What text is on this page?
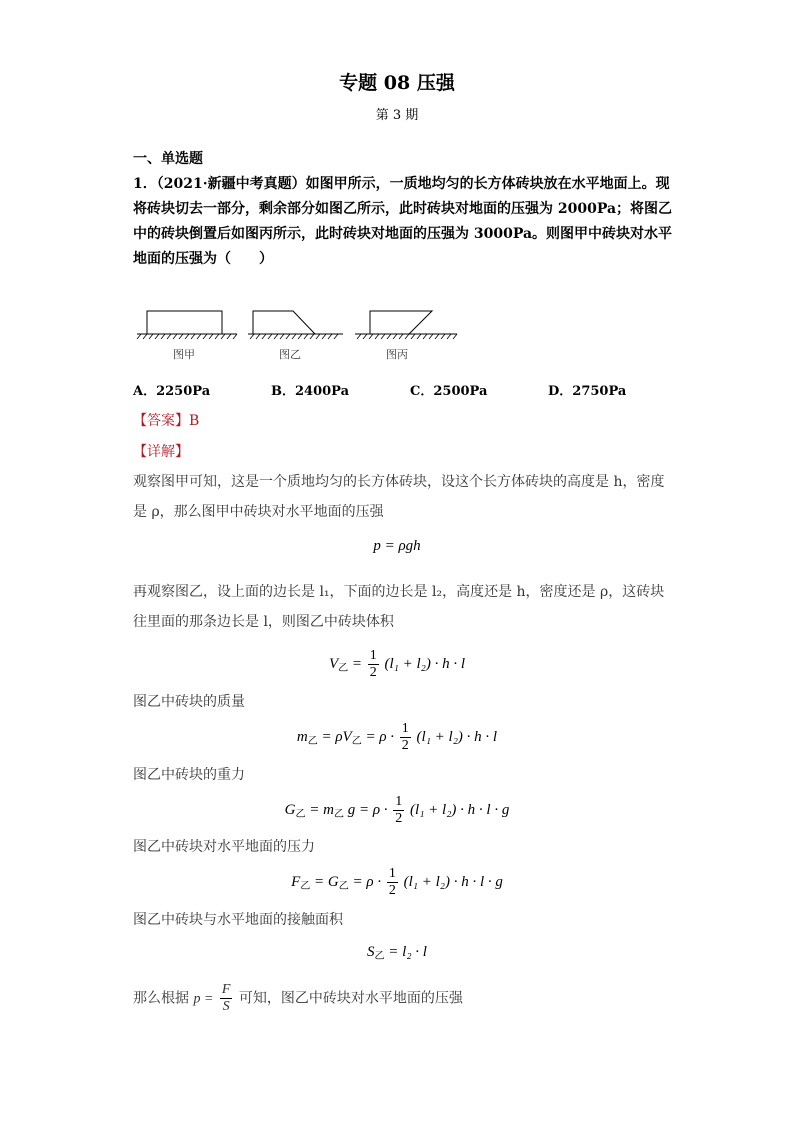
专题 08 压强
第 3 期
一、单选题
1．（2021·新疆中考真题）如图甲所示，一质地均匀的长方体砖块放在水平地面上。现将砖块切去一部分，剩余部分如图乙所示，此时砖块对地面的压强为 2000Pa；将图乙中的砖块倒置后如图丙所示，此时砖块对地面的压强为 3000Pa。则图甲中砖块对水平地面的压强为（　　）
图甲	图乙	图丙
A．2250Pa	B．2400Pa	C．2500Pa	D．2750Pa
【答案】B
【详解】
观察图甲可知，这是一个质地均匀的长方体砖块，设这个长方体砖块的高度是 h，密度是 ρ，那么图甲中砖块对水平地面的压强
p = ρgh
再观察图乙，设上面的边长是 l₁，下面的边长是 l₂，高度还是 h，密度还是 ρ，这砖块往里面的那条边长是 l，则图乙中砖块体积
$V_乙 = \frac{1}{2} (l_1 + l_2) \cdot h \cdot l$
图乙中砖块的质量
$m_乙 = \rho V_乙 = \rho \cdot \frac{1}{2} (l_1 + l_2) \cdot h \cdot l$
图乙中砖块的重力
$G_乙 = m_乙$ $g = \rho \cdot \frac{1}{2} (l_1 + l_2) \cdot h \cdot l \cdot g$
图乙中砖块对水平地面的压力
$F_乙 = G_乙 = \rho \cdot \frac{1}{2} (l_1 + l_2) \cdot h \cdot l \cdot g$
图乙中砖块与水平地面的接触面积
$S_乙 = l_2 \cdot l$
那么根据 $p = \frac{F}{S}$ 可知，图乙中砖块对水平地面的压强
